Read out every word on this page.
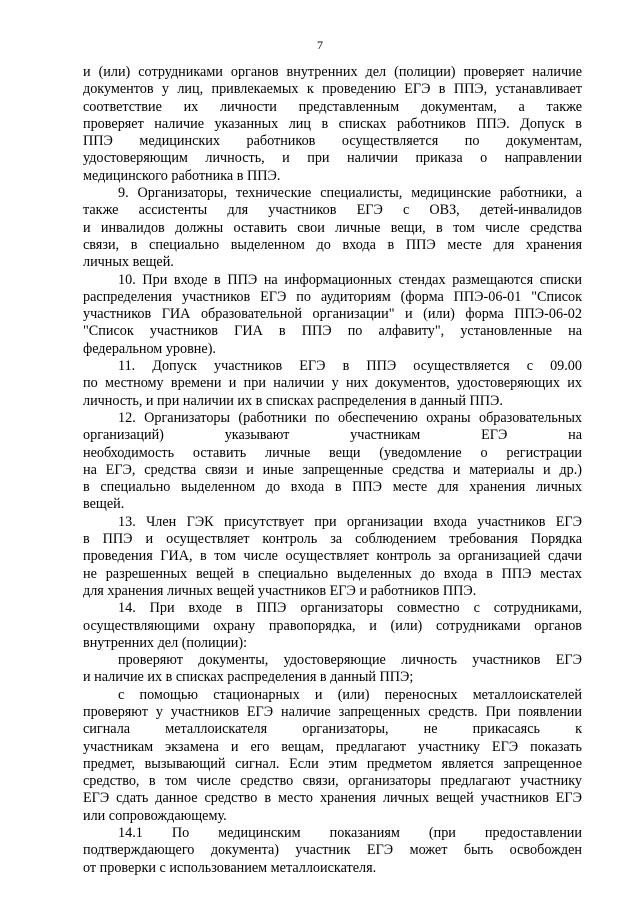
7
и (или) сотрудниками органов внутренних дел (полиции) проверяет наличие
документов у лиц, привлекаемых к проведению ЕГЭ в ППЭ, устанавливает
соответствие их личности представленным документам, а также
проверяет наличие указанных лиц в списках работников ППЭ. Допуск в
ППЭ медицинских работников осуществляется по документам,
удостоверяющим личность, и при наличии приказа о направлении
медицинского работника в ППЭ.
9. Организаторы, технические специалисты, медицинские работники, а
также ассистенты для участников ЕГЭ с ОВЗ, детей-инвалидов
и инвалидов должны оставить свои личные вещи, в том числе средства
связи, в специально выделенном до входа в ППЭ месте для хранения
личных вещей.
10. При входе в ППЭ на информационных стендах размещаются списки
распределения участников ЕГЭ по аудиториям (форма ППЭ-06-01 "Список
участников ГИА образовательной организации" и (или) форма ППЭ-06-02
"Список участников ГИА в ППЭ по алфавиту", установленные на
федеральном уровне).
11. Допуск участников ЕГЭ в ППЭ осуществляется с 09.00
по местному времени и при наличии у них документов, удостоверяющих их
личность, и при наличии их в списках распределения в данный ППЭ.
12. Организаторы (работники по обеспечению охраны образовательных
организаций) указывают участникам ЕГЭ на
необходимость оставить личные вещи (уведомление о регистрации
на ЕГЭ, средства связи и иные запрещенные средства и материалы и др.)
в специально выделенном до входа в ППЭ месте для хранения личных
вещей.
13. Член ГЭК присутствует при организации входа участников ЕГЭ
в ППЭ и осуществляет контроль за соблюдением требования Порядка
проведения ГИА, в том числе осуществляет контроль за организацией сдачи
не разрешенных вещей в специально выделенных до входа в ППЭ местах
для хранения личных вещей участников ЕГЭ и работников ППЭ.
14. При входе в ППЭ организаторы совместно с сотрудниками,
осуществляющими охрану правопорядка, и (или) сотрудниками органов
внутренних дел (полиции):
проверяют документы, удостоверяющие личность участников ЕГЭ
и наличие их в списках распределения в данный ППЭ;
с помощью стационарных и (или) переносных металлоискателей
проверяют у участников ЕГЭ наличие запрещенных средств. При появлении
сигнала металлоискателя организаторы, не прикасаясь к
участникам экзамена и его вещам, предлагают участнику ЕГЭ показать
предмет, вызывающий сигнал. Если этим предметом является запрещенное
средство, в том числе средство связи, организаторы предлагают участнику
ЕГЭ сдать данное средство в место хранения личных вещей участников ЕГЭ
или сопровождающему.
14.1 По медицинским показаниям (при предоставлении
подтверждающего документа) участник ЕГЭ может быть освобожден
от проверки с использованием металлоискателя.
